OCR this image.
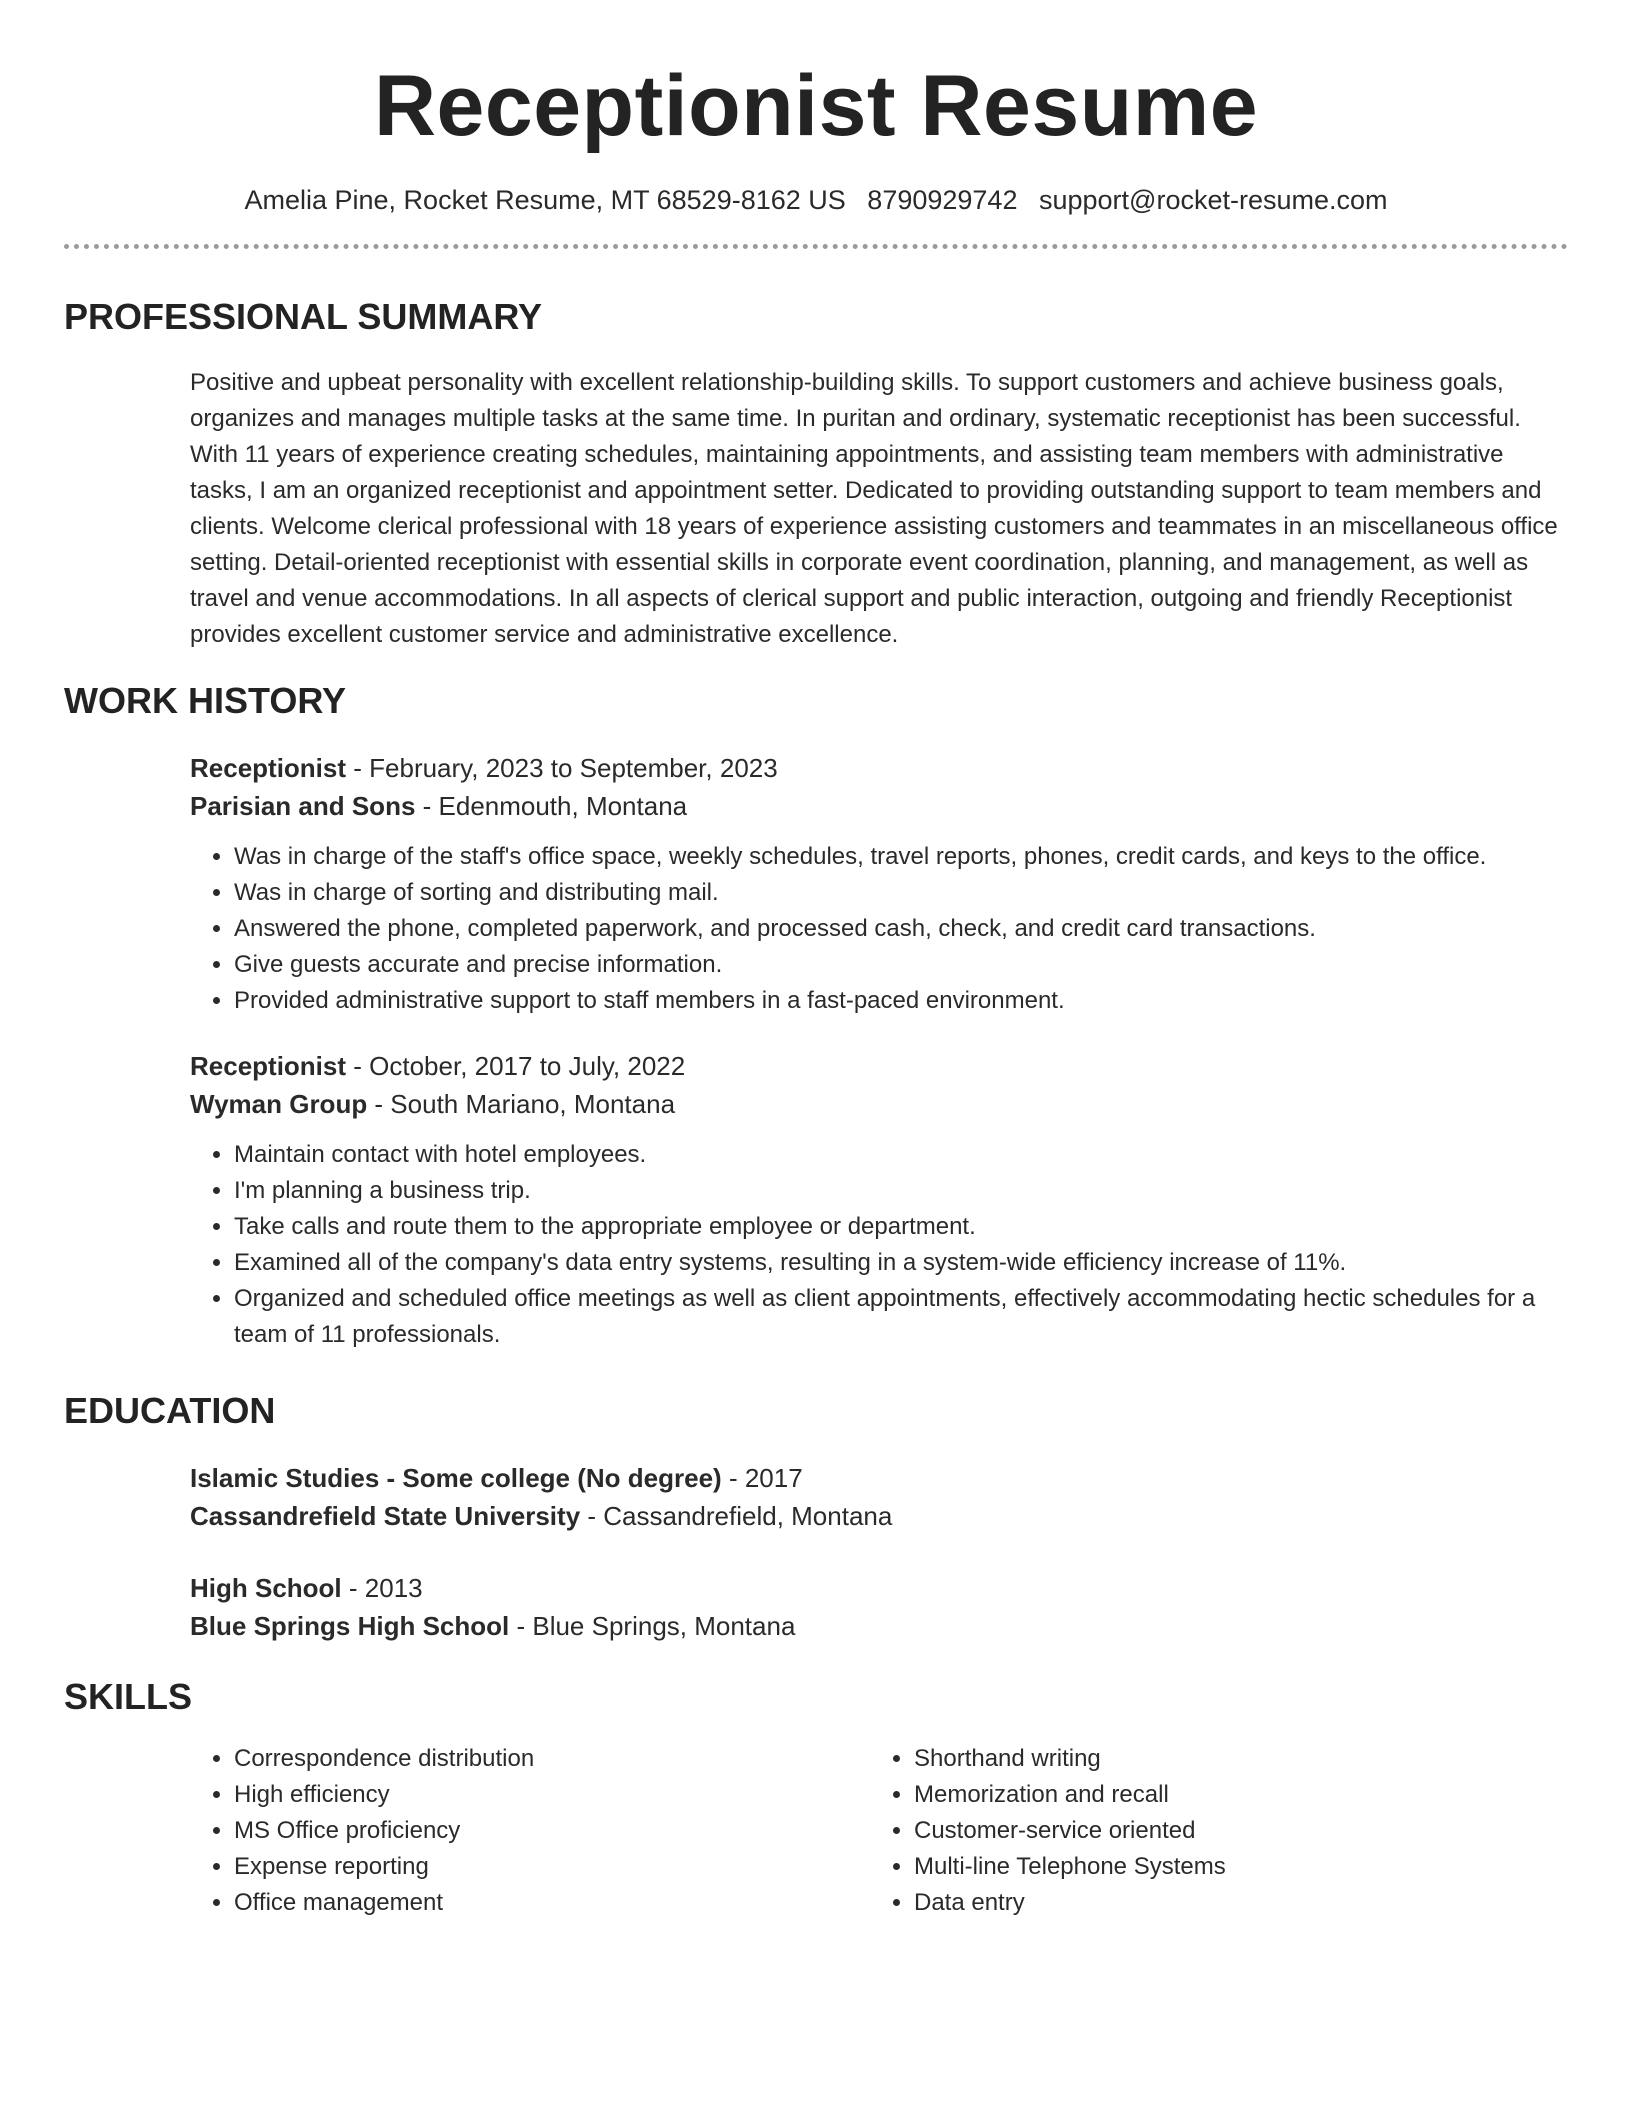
Receptionist Resume
Amelia Pine, Rocket Resume, MT 68529-8162 US 8790929742 support@rocket-resume.com
PROFESSIONAL SUMMARY
Positive and upbeat personality with excellent relationship-building skills. To support customers and achieve business goals, organizes and manages multiple tasks at the same time. In puritan and ordinary, systematic receptionist has been successful. With 11 years of experience creating schedules, maintaining appointments, and assisting team members with administrative tasks, I am an organized receptionist and appointment setter. Dedicated to providing outstanding support to team members and clients. Welcome clerical professional with 18 years of experience assisting customers and teammates in an miscellaneous office setting. Detail-oriented receptionist with essential skills in corporate event coordination, planning, and management, as well as travel and venue accommodations. In all aspects of clerical support and public interaction, outgoing and friendly Receptionist provides excellent customer service and administrative excellence.
WORK HISTORY
Receptionist - February, 2023 to September, 2023
Parisian and Sons - Edenmouth, Montana
• Was in charge of the staff's office space, weekly schedules, travel reports, phones, credit cards, and keys to the office.
• Was in charge of sorting and distributing mail.
• Answered the phone, completed paperwork, and processed cash, check, and credit card transactions.
• Give guests accurate and precise information.
• Provided administrative support to staff members in a fast-paced environment.
Receptionist - October, 2017 to July, 2022
Wyman Group - South Mariano, Montana
• Maintain contact with hotel employees.
• I'm planning a business trip.
• Take calls and route them to the appropriate employee or department.
• Examined all of the company's data entry systems, resulting in a system-wide efficiency increase of 11%.
• Organized and scheduled office meetings as well as client appointments, effectively accommodating hectic schedules for a team of 11 professionals.
EDUCATION
Islamic Studies - Some college (No degree) - 2017
Cassandrefield State University - Cassandrefield, Montana
High School - 2013
Blue Springs High School - Blue Springs, Montana
SKILLS
• Correspondence distribution
• High efficiency
• MS Office proficiency
• Expense reporting
• Office management
• Shorthand writing
• Memorization and recall
• Customer-service oriented
• Multi-line Telephone Systems
• Data entry
